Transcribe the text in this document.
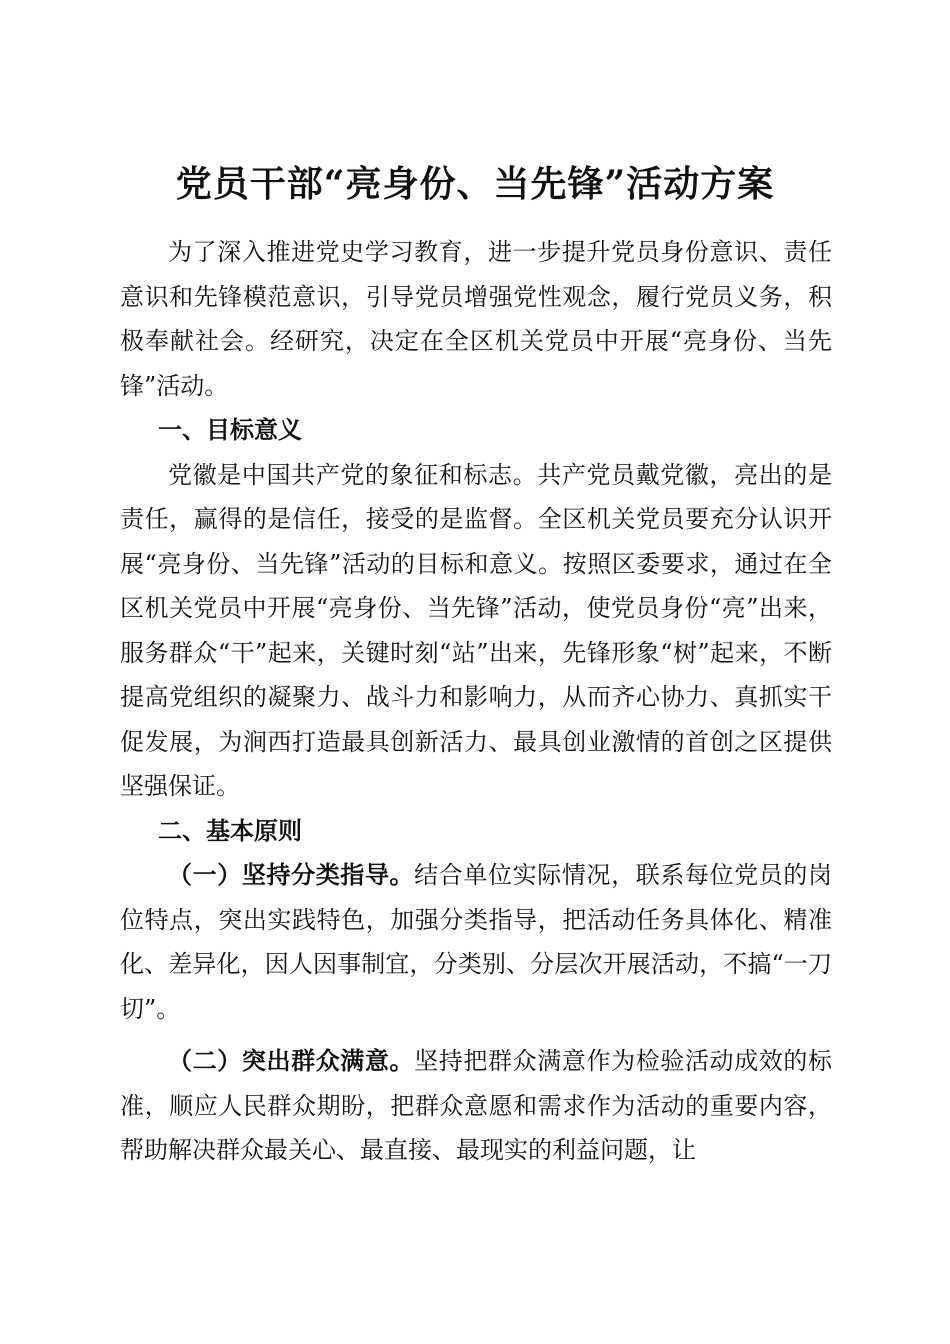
党员干部“亮身份、当先锋”活动方案

为了深入推进党史学习教育，进一步提升党员身份意识、责任意识和先锋模范意识，引导党员增强党性观念，履行党员义务，积极奉献社会。经研究，决定在全区机关党员中开展“亮身份、当先锋”活动。

一、目标意义

党徽是中国共产党的象征和标志。共产党员戴党徽，亮出的是责任，赢得的是信任，接受的是监督。全区机关党员要充分认识开展“亮身份、当先锋”活动的目标和意义。按照区委要求，通过在全区机关党员中开展“亮身份、当先锋”活动，使党员身份“亮”出来，服务群众“干”起来，关键时刻“站”出来，先锋形象“树”起来，不断提高党组织的凝聚力、战斗力和影响力，从而齐心协力、真抓实干促发展，为涧西打造最具创新活力、最具创业激情的首创之区提供坚强保证。

二、基本原则

（一）坚持分类指导。结合单位实际情况，联系每位党员的岗位特点，突出实践特色，加强分类指导，把活动任务具体化、精准化、差异化，因人因事制宜，分类别、分层次开展活动，不搞“一刀切”。

（二）突出群众满意。坚持把群众满意作为检验活动成效的标准，顺应人民群众期盼，把群众意愿和需求作为活动的重要内容，帮助解决群众最关心、最直接、最现实的利益问题，让
